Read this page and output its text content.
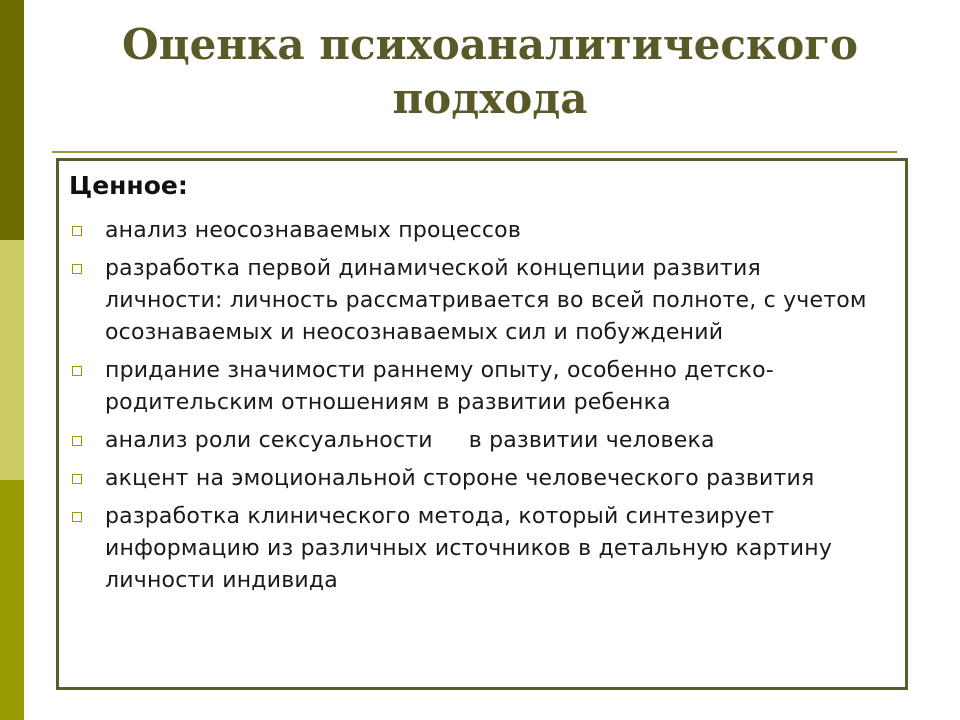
Оценка психоаналитического подхода
Ценное:
анализ неосознаваемых процессов
разработка первой динамической концепции развития личности: личность рассматривается во всей полноте, с учетом осознаваемых и неосознаваемых сил и побуждений
придание значимости раннему опыту, особенно детско-родительским отношениям в развитии ребенка
анализ роли сексуальности     в развитии человека
акцент на эмоциональной стороне человеческого развития
разработка клинического метода, который синтезирует информацию из различных источников в детальную картину личности индивида
